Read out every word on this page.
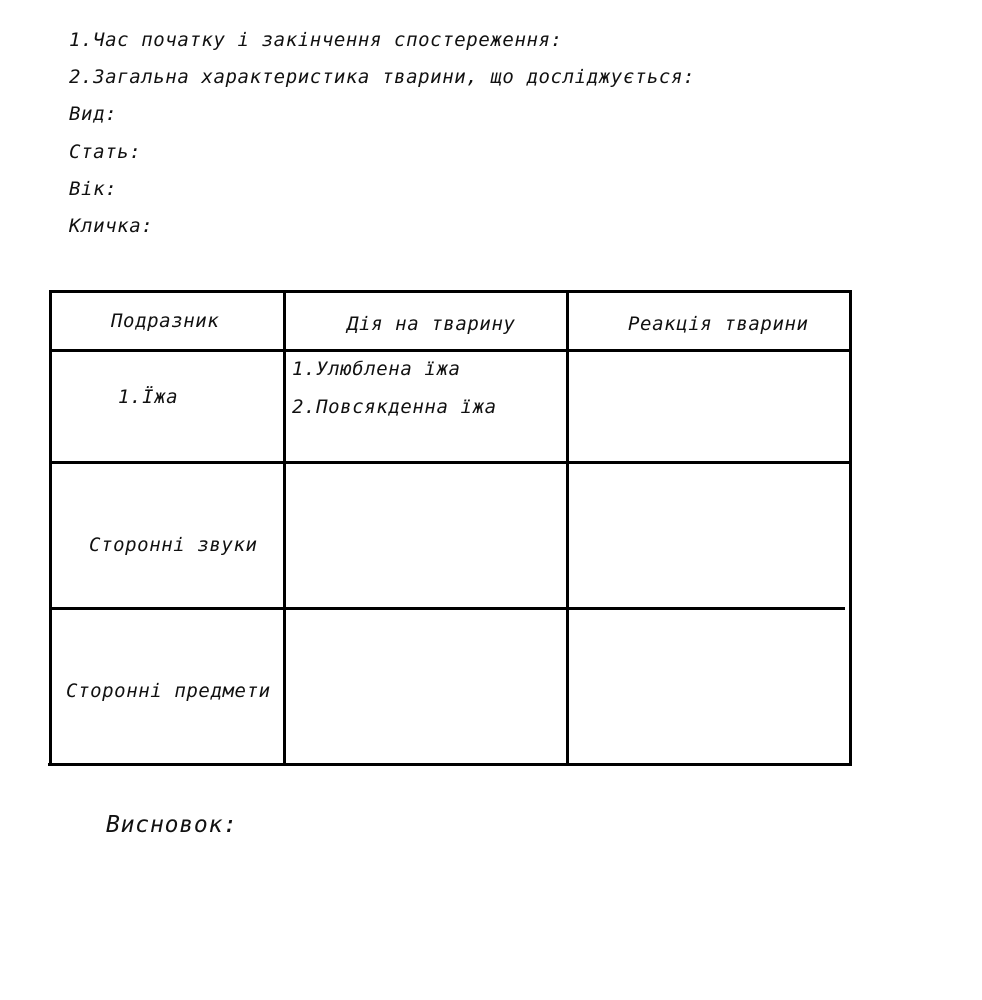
1.Час початку і закінчення спостереження:
2.Загальна характеристика тварини, що досліджується:
Вид:
Стать:
Вік:
Кличка:
Подразник	Дія на тварину	Реакція тварини
1.Їжа
1.Улюблена їжа
2.Повсякденна їжа
Сторонні звуки
Сторонні предмети
Висновок:
